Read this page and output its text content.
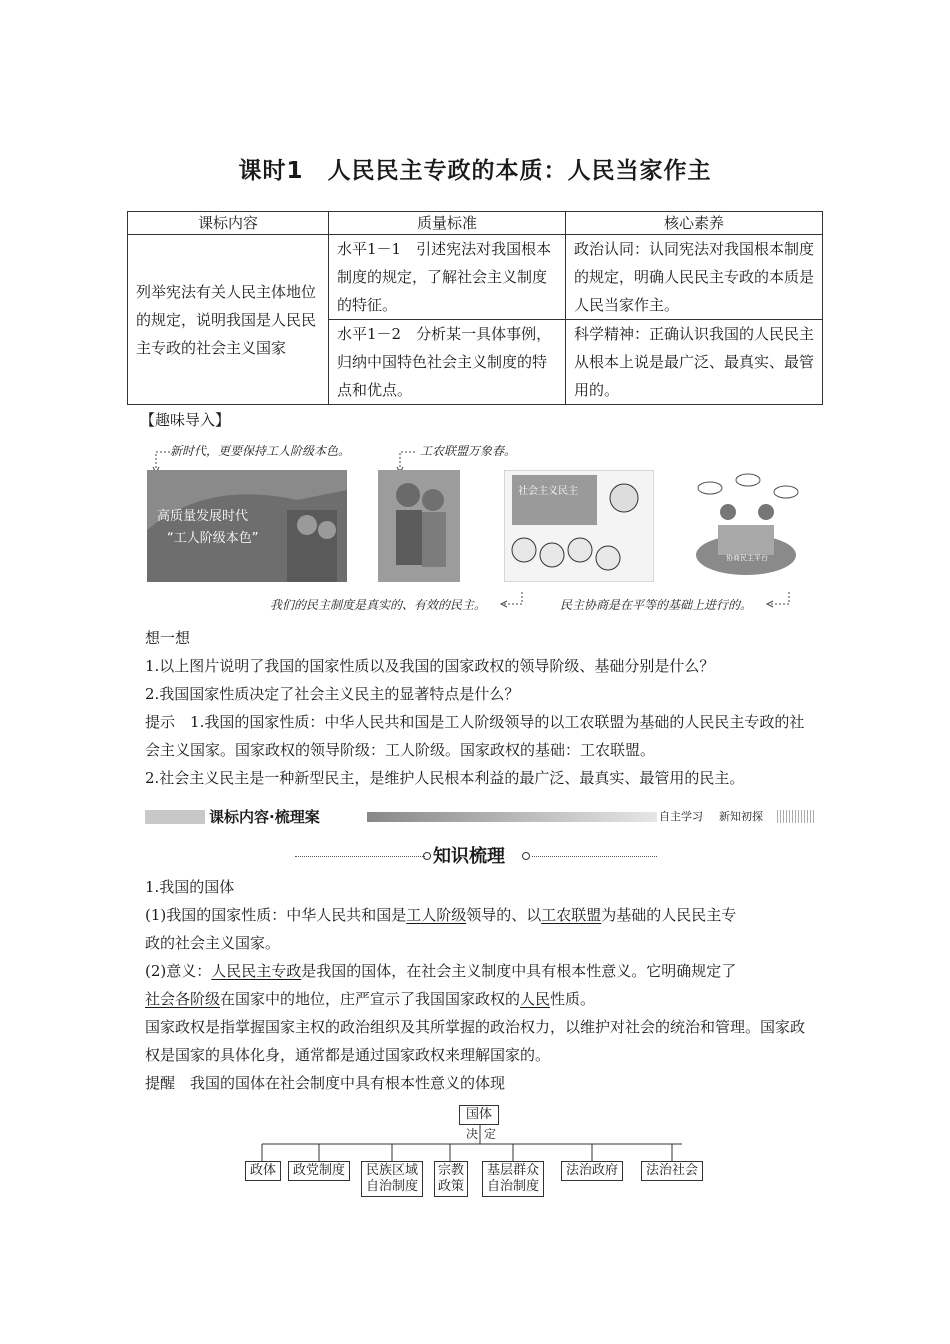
课时1　人民民主专政的本质：人民当家作主
课标内容	质量标准	核心素养
列举宪法有关人民主体地位的规定，说明我国是人民民主专政的社会主义国家	水平1－1　引述宪法对我国根本制度的规定，了解社会主义制度的特征。	政治认同：认同宪法对我国根本制度的规定，明确人民民主专政的本质是人民当家作主。
	水平1－2　分析某一具体事例，归纳中国特色社会主义制度的特点和优点。	科学精神：正确认识我国的人民民主从根本上说是最广泛、最真实、最管用的。
【趣味导入】
新时代，更要保持工人阶级本色。	工农联盟万象春。
高质量发展时代
“工人阶级本色”
社会主义民主
协商民主平台
我们的民主制度是真实的、有效的民主。	民主协商是在平等的基础上进行的。
想一想
1.以上图片说明了我国的国家性质以及我国的国家政权的领导阶级、基础分别是什么？
2.我国国家性质决定了社会主义民主的显著特点是什么？
提示　 1.我国的国家性质：中华人民共和国是工人阶级领导的以工农联盟为基础的人民民主专政的社会主义国家。国家政权的领导阶级：工人阶级。国家政权的基础：工农联盟。
2.社会主义民主是一种新型民主，是维护人民根本利益的最广泛、最真实、最管用的民主。
课标内容·梳理案	自主学习 新知初探
知识梳理
1.我国的国体
(1)我国的国家性质：中华人民共和国是工人阶级领导的、以工农联盟为基础的人民民主专
政的社会主义国家。
(2)意义：人民民主专政是我国的国体，在社会主义制度中具有根本性意义。它明确规定了
社会各阶级在国家中的地位，庄严宣示了我国国家政权的人民性质。
国家政权是指掌握国家主权的政治组织及其所掌握的政治权力，以维护对社会的统治和管理。国家政权是国家的具体化身，通常都是通过国家政权来理解国家的。
提醒　 我国的国体在社会制度中具有根本性意义的体现
国体
决定
政体	政党制度	民族区域自治制度
宗教政策
基层群众自治制度
法治政府	法治社会
